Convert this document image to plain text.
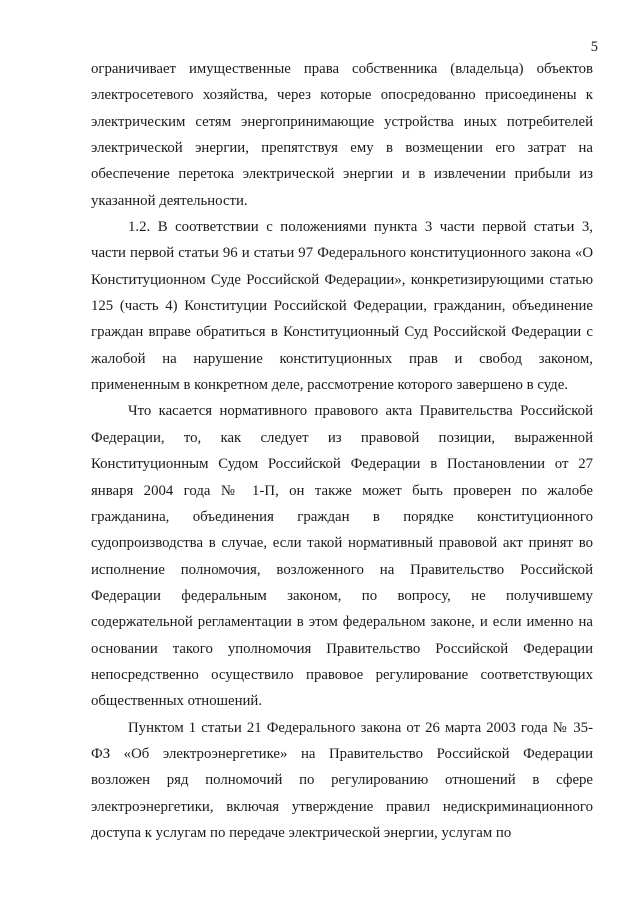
5

ограничивает имущественные права собственника (владельца) объектов электросетевого хозяйства, через которые опосредованно присоединены к электрическим сетям энергопринимающие устройства иных потребителей электрической энергии, препятствуя ему в возмещении его затрат на обеспечение перетока электрической энергии и в извлечении прибыли из указанной деятельности.

1.2. В соответствии с положениями пункта 3 части первой статьи 3, части первой статьи 96 и статьи 97 Федерального конституционного закона «О Конституционном Суде Российской Федерации», конкретизирующими статью 125 (часть 4) Конституции Российской Федерации, гражданин, объединение граждан вправе обратиться в Конституционный Суд Российской Федерации с жалобой на нарушение конституционных прав и свобод законом, примененным в конкретном деле, рассмотрение которого завершено в суде.

Что касается нормативного правового акта Правительства Российской Федерации, то, как следует из правовой позиции, выраженной Конституционным Судом Российской Федерации в Постановлении от 27 января 2004 года № 1-П, он также может быть проверен по жалобе гражданина, объединения граждан в порядке конституционного судопроизводства в случае, если такой нормативный правовой акт принят во исполнение полномочия, возложенного на Правительство Российской Федерации федеральным законом, по вопросу, не получившему содержательной регламентации в этом федеральном законе, и если именно на основании такого уполномочия Правительство Российской Федерации непосредственно осуществило правовое регулирование соответствующих общественных отношений.

Пунктом 1 статьи 21 Федерального закона от 26 марта 2003 года № 35-ФЗ «Об электроэнергетике» на Правительство Российской Федерации возложен ряд полномочий по регулированию отношений в сфере электроэнергетики, включая утверждение правил недискриминационного доступа к услугам по передаче электрической энергии, услугам по
